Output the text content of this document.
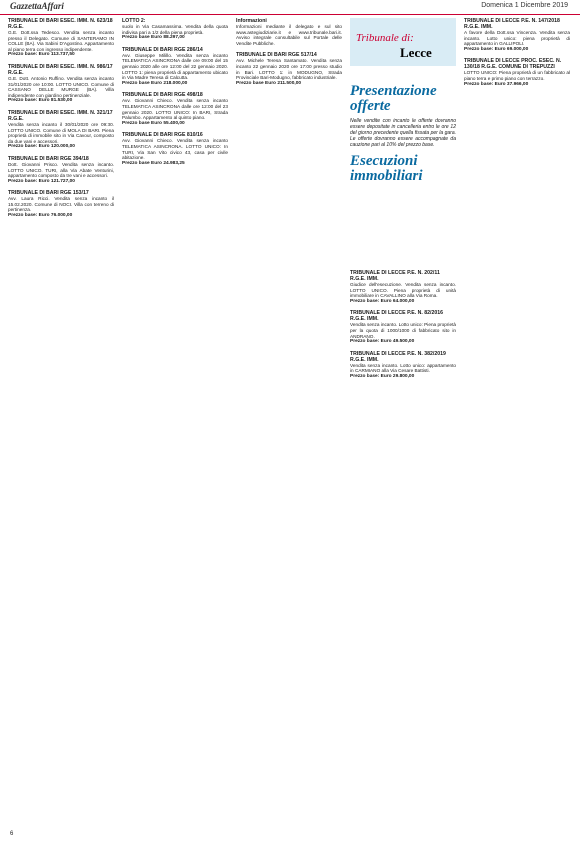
GazzettaAffari	Domenica 1 Dicembre 2019

TRIBUNALE DI BARI ESEC. IMM. N. 623/18 R.G.E.

G.E. Dott.ssa Tedesco. Vendita senza incanto presso il Delegato. Comune di SANTERAMO IN COLLE (BA). Via Sabini D'Agostino. Appartamento al piano terra con ingresso indipendente.

Prezzo base: Euro 113.737,50

TRIBUNALE DI BARI ESEC. IMM. N. 986/17 R.G.E.

G.E. Dott. Antonio Ruffino. Vendita senza incanto 31/01/2020 ore 10:00. LOTTO UNICO. Comune di CASSANO DELLE MURGE (BA). Villa indipendente con giardino pertinenziale.

Prezzo base: Euro 81.530,00

TRIBUNALE DI BARI ESEC. IMM. N. 321/17 R.G.E.

Vendita senza incanto il 30/01/2020 ore 09:30. LOTTO UNICO. Comune di MOLA DI BARI. Piena proprietà di immobile sito in Via Cavour, composto da due vani e accessori.

Prezzo base: Euro 120.000,00

TRIBUNALE DI BARI RGE 394/18

Dott. Giovanni Prisco. Vendita senza incanto. LOTTO UNICO. TURI, alla Via Abate Venturini, appartamento composto da tre vani e accessori.

Prezzo base: Euro 121.727,00

TRIBUNALE DI BARI RGE 153/17

Avv. Laura Ricci. Vendita senza incanto il 15.02.2020. Comune di NOCI. Villa con terreno di pertinenza.

Prezzo base: Euro 76.000,00

LOTTO 2:

suolo in Via Casamassima. Vendita della quota indivisa pari a 1/2 della piena proprietà.

Prezzo base Euro 88.297,00

TRIBUNALE DI BARI RGE 286/14

Avv. Giuseppe Milillo. Vendita senza incanto TELEMATICA ASINCRONA dalle ore 09:00 del 15 gennaio 2020 alle ore 12:00 del 22 gennaio 2020. LOTTO 1: piena proprietà di appartamento ubicato in Via Madre Teresa di Calcutta.

Prezzo base Euro 218.000,00

TRIBUNALE DI BARI RGE 498/18

Avv. Giovanni Chieco. Vendita senza incanto TELEMATICA ASINCRONA dalle ore 12:00 del 23 gennaio 2020. LOTTO UNICO: In BARI, Strada Palumbo. Appartamento al quinto piano.

Prezzo base Euro 55.400,00

TRIBUNALE DI BARI RGE 810/16

Avv. Giovanni Chieco. Vendita senza incanto TELEMATICA ASINCRONA. LOTTO UNICO: In TURI, Via San Vito civico 43, casa per civile abitazione.

Prezzo base Euro 24.983,25

Informazioni

Informazioni mediante il delegato e sul sito www.astegiudiziarie.it e www.tribunale.bari.it. Avviso integrale consultabile sul Portale delle Vendite Pubbliche.

TRIBUNALE DI BARI RGE 517/14

Avv. Michele Teresa Santamato. Vendita senza incanto 22 gennaio 2020 ore 17:00 presso studio in Bari. LOTTO 1: in MODUGNO, Strada Provinciale Bari-Modugno, fabbricato industriale.

Prezzo base Euro 211.500,00
Tribunale di:
Lecce
Presentazione offerte

Nelle vendite con incanto le offerte dovranno essere depositate in cancelleria entro le ore 12 del giorno precedente quella fissata per la gara. Le offerte dovranno essere accompagnate da cauzione pari al 10% del prezzo base.

Esecuzioni immobiliari

TRIBUNALE DI LECCE P.E. N. 202/11 R.G.E. IMM.

Giudice dell'esecuzione. Vendita senza incanto. LOTTO UNICO. Piena proprietà di unità immobiliare in CAVALLINO alla Via Roma.

Prezzo base: Euro 64.000,00

TRIBUNALE DI LECCE P.E. N. 82/2016 R.G.E. IMM.

Vendita senza incanto. Lotto unico: Piena proprietà per la quota di 1000/1000 di fabbricato sito in ANDRANO.

Prezzo base: Euro 49.500,00

TRIBUNALE DI LECCE P.E. N. 382/2019 R.G.E. IMM.

Vendita senza incanto. Lotto unico: appartamento in CARMIANO alla Via Cesare Battisti.

Prezzo base: Euro 29.800,00

TRIBUNALE DI LECCE P.E. N. 147/2018 R.G.E. IMM.

A favore della Dott.ssa Vincenza. Vendita senza incanto. Lotto unico: piena proprietà di appartamento in GALLIPOLI.

Prezzo base: Euro 69.000,00

TRIBUNALE DI LECCE PROC. ESEC. N. 130/18 R.G.E. COMUNE DI TREPUZZI

LOTTO UNICO: Piena proprietà di un fabbricato al piano terra e primo piano con terrazzo.

Prezzo base: Euro 37.966,00
6
